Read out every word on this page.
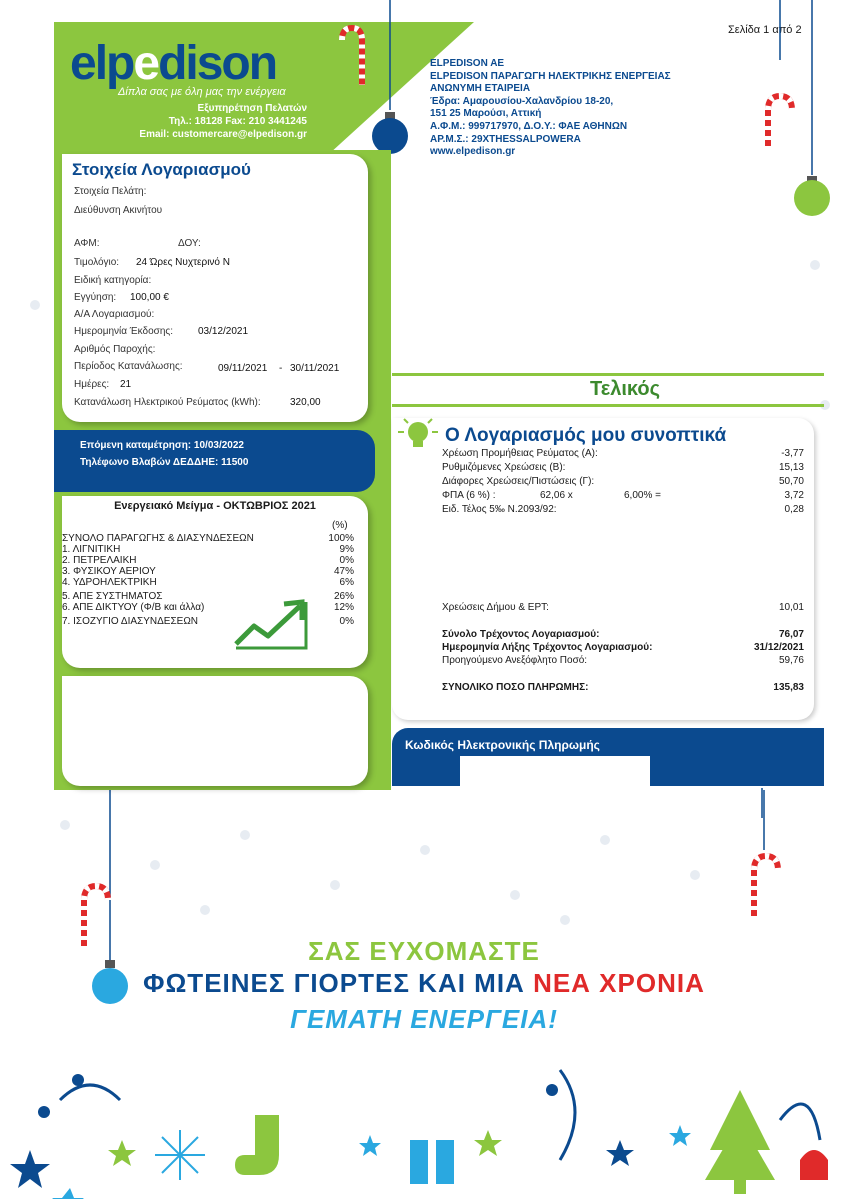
Σελίδα 1 από 2
elpedison
Δίπλα σας με όλη μας την ενέργεια
Εξυπηρέτηση Πελατών
Τηλ.: 18128 Fax: 210 3441245
Email: customercare@elpedison.gr
ELPEDISON AE
ELPEDISON ΠΑΡΑΓΩΓΗ ΗΛΕΚΤΡΙΚΗΣ ΕΝΕΡΓΕΙΑΣ
ΑΝΩΝΥΜΗ ΕΤΑΙΡΕΙΑ
Έδρα: Αμαρουσίου-Χαλανδρίου 18-20,
151 25 Μαρούσι, Αττική
Α.Φ.Μ.: 999717970, Δ.Ο.Υ.: ΦΑΕ ΑΘΗΝΩΝ
ΑΡ.Μ.Σ.: 29XTHESSALPOWERA
www.elpedison.gr
Στοιχεία Λογαριασμού
Στοιχεία Πελάτη:
Διεύθυνση Ακινήτου
ΑΦΜ:	ΔΟΥ:
Τιμολόγιο: 24 Ώρες Νυχτερινό Ν
Ειδική κατηγορία:
Εγγύηση: 100,00 €
Α/Α Λογαριασμού:
Ημερομηνία Έκδοσης:	03/12/2021
Αριθμός Παροχής:
Περίοδος Κατανάλωσης:	09/11/2021 - 30/11/2021
Ημέρες: 21
Κατανάλωση Ηλεκτρικού Ρεύματος (kWh):	320,00
Επόμενη καταμέτρηση: 10/03/2022
Τηλέφωνο Βλαβών ΔΕΔΔΗΕ: 11500
Ενεργειακό Μείγμα - ΟΚΤΩΒΡΙΟΣ 2021
(%)
ΣΥΝΟΛΟ ΠΑΡΑΓΩΓΗΣ & ΔΙΑΣΥΝΔΕΣΕΩΝ	100%
1. ΛΙΓΝΙΤΙΚΗ	9%
2. ΠΕΤΡΕΛΑΙΚΗ	0%
3. ΦΥΣΙΚΟΥ ΑΕΡΙΟΥ	47%
4. ΥΔΡΟΗΛΕΚΤΡΙΚΗ	6%
5. ΑΠΕ ΣΥΣΤΗΜΑΤΟΣ	26%
6. ΑΠΕ ΔΙΚΤΥΟΥ (Φ/Β και άλλα)	12%
7. ΙΣΟΖΥΓΙΟ ΔΙΑΣΥΝΔΕΣΕΩΝ	0%
Τελικός
Ο Λογαριασμός μου συνοπτικά
Χρέωση Προμήθειας Ρεύματος (Α):	-3,77
Ρυθμιζόμενες Χρεώσεις (Β):	15,13
Διάφορες Χρεώσεις/Πιστώσεις (Γ):	50,70
ΦΠΑ (6 %) :	62,06 x	6,00% =	3,72
Ειδ. Τέλος 5‰ Ν.2093/92:	0,28
Χρεώσεις Δήμου & ΕΡΤ:	10,01
Σύνολο Τρέχοντος Λογαριασμού:	76,07
Ημερομηνία Λήξης Τρέχοντος Λογαριασμού:	31/12/2021
Προηγούμενο Ανεξόφλητο Ποσό:	59,76
ΣΥΝΟΛΙΚΟ ΠΟΣΟ ΠΛΗΡΩΜΗΣ:	135,83
Κωδικός Ηλεκτρονικής Πληρωμής
ΣΑΣ ΕΥΧΟΜΑΣΤΕ
ΦΩΤΕΙΝΕΣ ΓΙΟΡΤΕΣ ΚΑΙ ΜΙΑ ΝΕΑ ΧΡΟΝΙΑ
ΓΕΜΑΤΗ ΕΝΕΡΓΕΙΑ!
